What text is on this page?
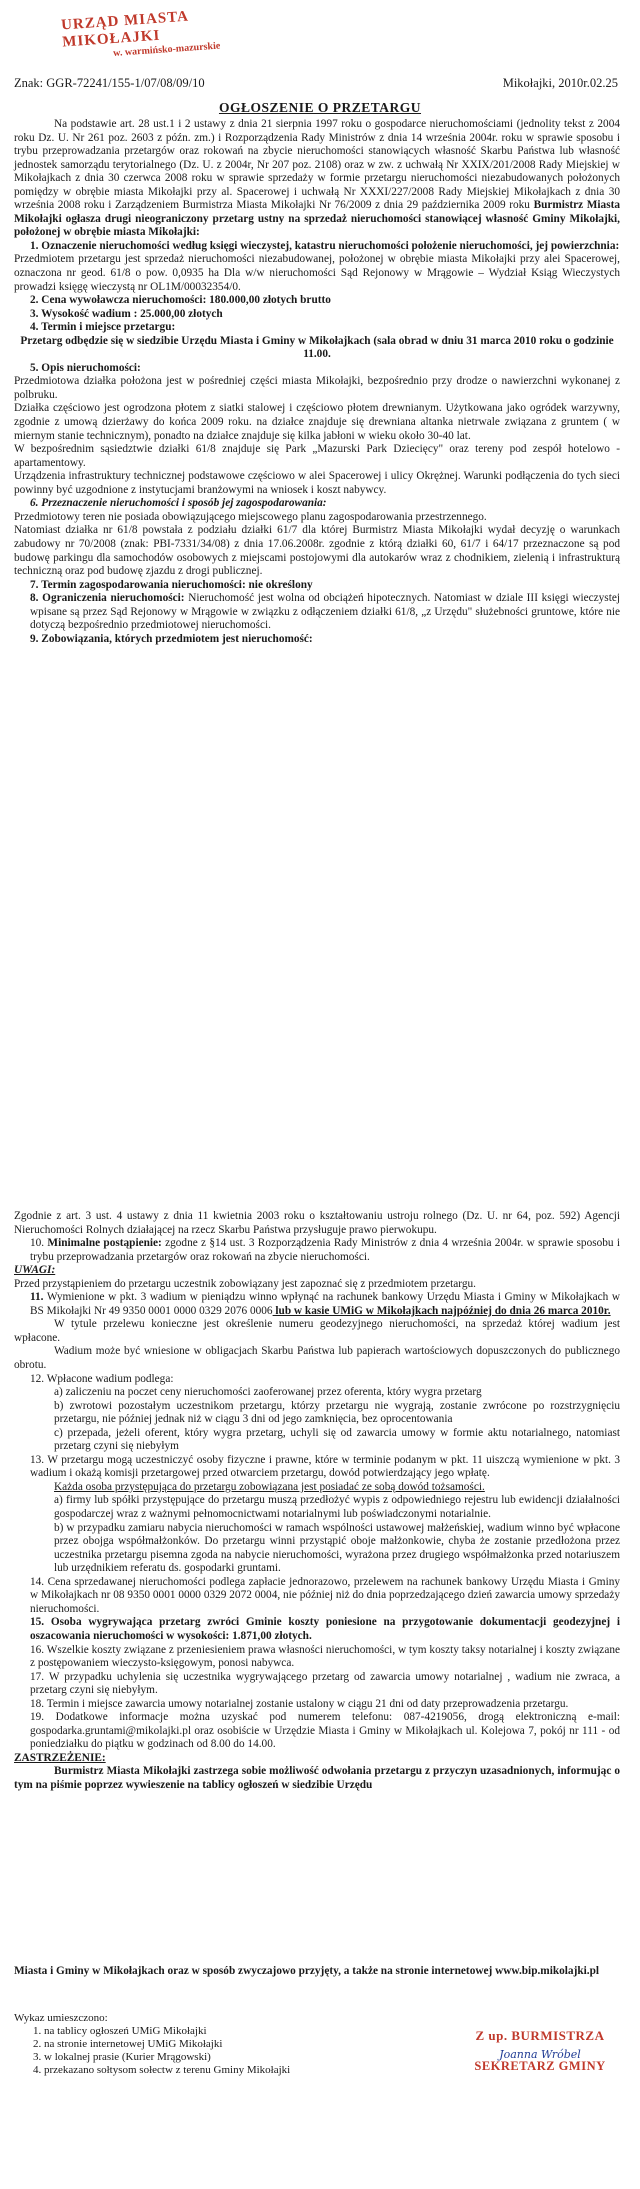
URZĄD MIASTA MIKOŁAJKI
w. warmińsko-mazurskie
Znak: GGR-72241/155-1/07/08/09/10	Mikołajki, 2010r.02.25
OGŁOSZENIE O PRZETARGU

Na podstawie art. 28 ust.1 i 2 ustawy z dnia 21 sierpnia 1997 roku o gospodarce nieruchomościami (jednolity tekst z 2004 roku Dz. U. Nr 261 poz. 2603 z późn. zm.) i Rozporządzenia Rady Ministrów z dnia 14 września 2004r. roku w sprawie sposobu i trybu przeprowadzania przetargów oraz rokowań na zbycie nieruchomości stanowiących własność Skarbu Państwa lub własność jednostek samorządu terytorialnego (Dz. U. z 2004r, Nr 207 poz. 2108) oraz w zw. z uchwałą Nr XXIX/201/2008 Rady Miejskiej w Mikołajkach z dnia 30 czerwca 2008 roku w sprawie sprzedaży w formie przetargu nieruchomości niezabudowanych położonych pomiędzy w obrębie miasta Mikołajki przy al. Spacerowej i uchwałą Nr XXXI/227/2008 Rady Miejskiej Mikołajkach z dnia 30 września 2008 roku i Zarządzeniem Burmistrza Miasta Mikołajki Nr 76/2009 z dnia 29 października 2009 roku Burmistrz Miasta Mikołajki ogłasza drugi nieograniczony przetarg ustny na sprzedaż nieruchomości stanowiącej własność Gminy Mikołajki, położonej w obrębie miasta Mikołajki:

1. Oznaczenie nieruchomości według księgi wieczystej, katastru nieruchomości położenie nieruchomości, jej powierzchnia:

Przedmiotem przetargu jest sprzedaż nieruchomości niezabudowanej, położonej w obrębie miasta Mikołajki przy alei Spacerowej, oznaczona nr geod. 61/8 o pow. 0,0935 ha Dla w/w nieruchomości Sąd Rejonowy w Mrągowie – Wydział Ksiąg Wieczystych prowadzi księgę wieczystą nr OL1M/00032354/0.

2. Cena wywoławcza nieruchomości: 180.000,00 złotych brutto

3. Wysokość wadium : 25.000,00 złotych

4. Termin i miejsce przetargu:

Przetarg odbędzie się w siedzibie Urzędu Miasta i Gminy w Mikołajkach (sala obrad w dniu 31 marca 2010 roku o godzinie 11.00.

5. Opis nieruchomości:

Przedmiotowa działka położona jest w pośredniej części miasta Mikołajki, bezpośrednio przy drodze o nawierzchni wykonanej z polbruku.

Działka częściowo jest ogrodzona płotem z siatki stalowej i częściowo płotem drewnianym. Użytkowana jako ogródek warzywny, zgodnie z umową dzierżawy do końca 2009 roku. na działce znajduje się drewniana altanka nietrwale związana z gruntem ( w miernym stanie technicznym), ponadto na działce znajduje się kilka jabłoni w wieku około 30-40 lat.

W bezpośrednim sąsiedztwie działki 61/8 znajduje się Park „Mazurski Park Dziecięcy" oraz tereny pod zespół hotelowo - apartamentowy.

Urządzenia infrastruktury technicznej podstawowe częściowo w alei Spacerowej i ulicy Okrężnej. Warunki podłączenia do tych sieci powinny być uzgodnione z instytucjami branżowymi na wniosek i koszt nabywcy.

6. Przeznaczenie nieruchomości i sposób jej zagospodarowania:

Przedmiotowy teren nie posiada obowiązującego miejscowego planu zagospodarowania przestrzennego.

Natomiast działka nr 61/8 powstała z podziału działki 61/7 dla której Burmistrz Miasta Mikołajki wydał decyzję o warunkach zabudowy nr 70/2008 (znak: PBI-7331/34/08) z dnia 17.06.2008r. zgodnie z którą działki 60, 61/7 i 64/17 przeznaczone są pod budowę parkingu dla samochodów osobowych z miejscami postojowymi dla autokarów wraz z chodnikiem, zielenią i infrastrukturą techniczną oraz pod budowę zjazdu z drogi publicznej.

7. Termin zagospodarowania nieruchomości: nie określony

8. Ograniczenia nieruchomości: Nieruchomość jest wolna od obciążeń hipotecznych. Natomiast w dziale III księgi wieczystej wpisane są przez Sąd Rejonowy w Mrągowie w związku z odłączeniem działki 61/8, „z Urzędu" służebności gruntowe, które nie dotyczą bezpośrednio przedmiotowej nieruchomości.

9. Zobowiązania, których przedmiotem jest nieruchomość:

Zgodnie z art. 3 ust. 4 ustawy z dnia 11 kwietnia 2003 roku o kształtowaniu ustroju rolnego (Dz. U. nr 64, poz. 592) Agencji Nieruchomości Rolnych działającej na rzecz Skarbu Państwa przysługuje prawo pierwokupu.

10. Minimalne postąpienie: zgodne z §14 ust. 3 Rozporządzenia Rady Ministrów z dnia 4 września 2004r. w sprawie sposobu i trybu przeprowadzania przetargów oraz rokowań na zbycie nieruchomości.

UWAGI:

Przed przystąpieniem do przetargu uczestnik zobowiązany jest zapoznać się z przedmiotem przetargu.

11. Wymienione w pkt. 3 wadium w pieniądzu winno wpłynąć na rachunek bankowy Urzędu Miasta i Gminy w Mikołajkach w BS Mikołajki Nr 49 9350 0001 0000 0329 2076 0006 lub w kasie UMiG w Mikołajkach najpóźniej do dnia 26 marca 2010r.

W tytule przelewu konieczne jest określenie numeru geodezyjnego nieruchomości, na sprzedaż której wadium jest wpłacone.

Wadium może być wniesione w obligacjach Skarbu Państwa lub papierach wartościowych dopuszczonych do publicznego obrotu.

12. Wpłacone wadium podlega:

a) zaliczeniu na poczet ceny nieruchomości zaoferowanej przez oferenta, który wygra przetarg

b) zwrotowi pozostałym uczestnikom przetargu, którzy przetargu nie wygrają, zostanie zwrócone po rozstrzygnięciu przetargu, nie później jednak niż w ciągu 3 dni od jego zamknięcia, bez oprocentowania

c) przepada, jeżeli oferent, który wygra przetarg, uchyli się od zawarcia umowy w formie aktu notarialnego, natomiast przetarg czyni się niebyłym

13. W przetargu mogą uczestniczyć osoby fizyczne i prawne, które w terminie podanym w pkt. 11 uiszczą wymienione w pkt. 3 wadium i okażą komisji przetargowej przed otwarciem przetargu, dowód potwierdzający jego wpłatę.

Każda osoba przystępująca do przetargu zobowiązana jest posiadać ze sobą dowód tożsamości.

a) firmy lub spółki przystępujące do przetargu muszą przedłożyć wypis z odpowiedniego rejestru lub ewidencji działalności gospodarczej wraz z ważnymi pełnomocnictwami notarialnymi lub poświadczonymi notarialnie.

b) w przypadku zamiaru nabycia nieruchomości w ramach wspólności ustawowej małżeńskiej, wadium winno być wpłacone przez obojga współmałżonków. Do przetargu winni przystąpić oboje małżonkowie, chyba że zostanie przedłożona przez uczestnika przetargu pisemna zgoda na nabycie nieruchomości, wyrażona przez drugiego współmałżonka przed notariuszem lub urzędnikiem referatu ds. gospodarki gruntami.

14. Cena sprzedawanej nieruchomości podlega zapłacie jednorazowo, przelewem na rachunek bankowy Urzędu Miasta i Gminy w Mikołajkach nr 08 9350 0001 0000 0329 2072 0004, nie później niż do dnia poprzedzającego dzień zawarcia umowy sprzedaży nieruchomości.

15. Osoba wygrywająca przetarg zwróci Gminie koszty poniesione na przygotowanie dokumentacji geodezyjnej i oszacowania nieruchomości w wysokości: 1.871,00 złotych.

16. Wszelkie koszty związane z przeniesieniem prawa własności nieruchomości, w tym koszty taksy notarialnej i koszty związane z postępowaniem wieczysto-księgowym, ponosi nabywca.

17. W przypadku uchylenia się uczestnika wygrywającego przetarg od zawarcia umowy notarialnej , wadium nie zwraca, a przetarg czyni się niebyłym.

18. Termin i miejsce zawarcia umowy notarialnej zostanie ustalony w ciągu 21 dni od daty przeprowadzenia przetargu.

19. Dodatkowe informacje można uzyskać pod numerem telefonu: 087-4219056, drogą elektroniczną e-mail: gospodarka.gruntami@mikolajki.pl oraz osobiście w Urzędzie Miasta i Gminy w Mikołajkach ul. Kolejowa 7, pokój nr 111 - od poniedziałku do piątku w godzinach od 8.00 do 14.00.

ZASTRZEŻENIE:

Burmistrz Miasta Mikołajki zastrzega sobie możliwość odwołania przetargu z przyczyn uzasadnionych, informując o tym na piśmie poprzez wywieszenie na tablicy ogłoszeń w siedzibie Urzędu

Miasta i Gminy w Mikołajkach oraz w sposób zwyczajowo przyjęty, a także na stronie internetowej www.bip.mikolajki.pl
Wykaz umieszczono:
1. na tablicy ogłoszeń UMiG Mikołajki
2. na stronie internetowej UMiG Mikołajki
3. w lokalnej prasie (Kurier Mrągowski)
4. przekazano sołtysom sołectw z terenu Gminy Mikołajki
Z up. BURMISTRZA
Joanna Wróbel
SEKRETARZ GMINY
